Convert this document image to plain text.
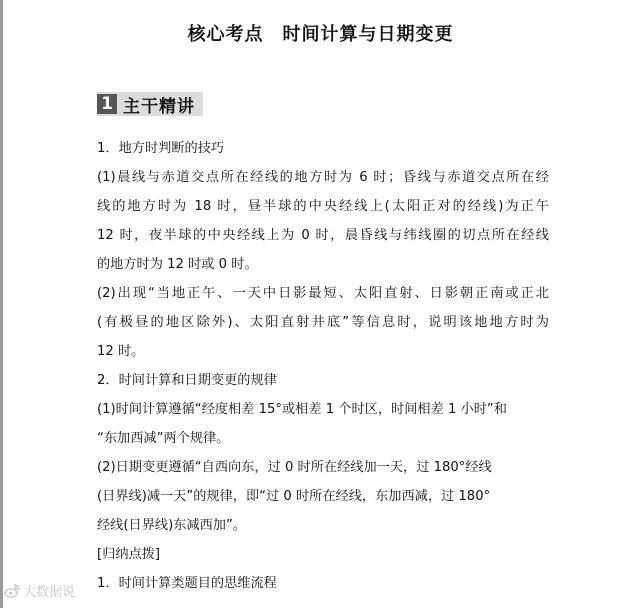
核心考点　时间计算与日期变更
1 主干精讲
1．地方时判断的技巧
(1)晨线与赤道交点所在经线的地方时为 6 时；昏线与赤道交点所在经
线的地方时为 18 时，昼半球的中央经线上(太阳正对的经线)为正午
12 时，夜半球的中央经线上为 0 时，晨昏线与纬线圈的切点所在经线
的地方时为 12 时或 0 时。
(2)出现“当地正午、一天中日影最短、太阳直射、日影朝正南或正北
(有极昼的地区除外)、太阳直射井底”等信息时，说明该地地方时为
12 时。
2．时间计算和日期变更的规律
(1)时间计算遵循“经度相差 15°或相差 1 个时区，时间相差 1 小时”和
“东加西减”两个规律。
(2)日期变更遵循“自西向东，过 0 时所在经线加一天，过 180°经线
(日界线)减一天”的规律，即“过 0 时所在经线，东加西减，过 180°
经线(日界线)东减西加”。
[归纳点拨]
1．时间计算类题目的思维流程
大数据说
